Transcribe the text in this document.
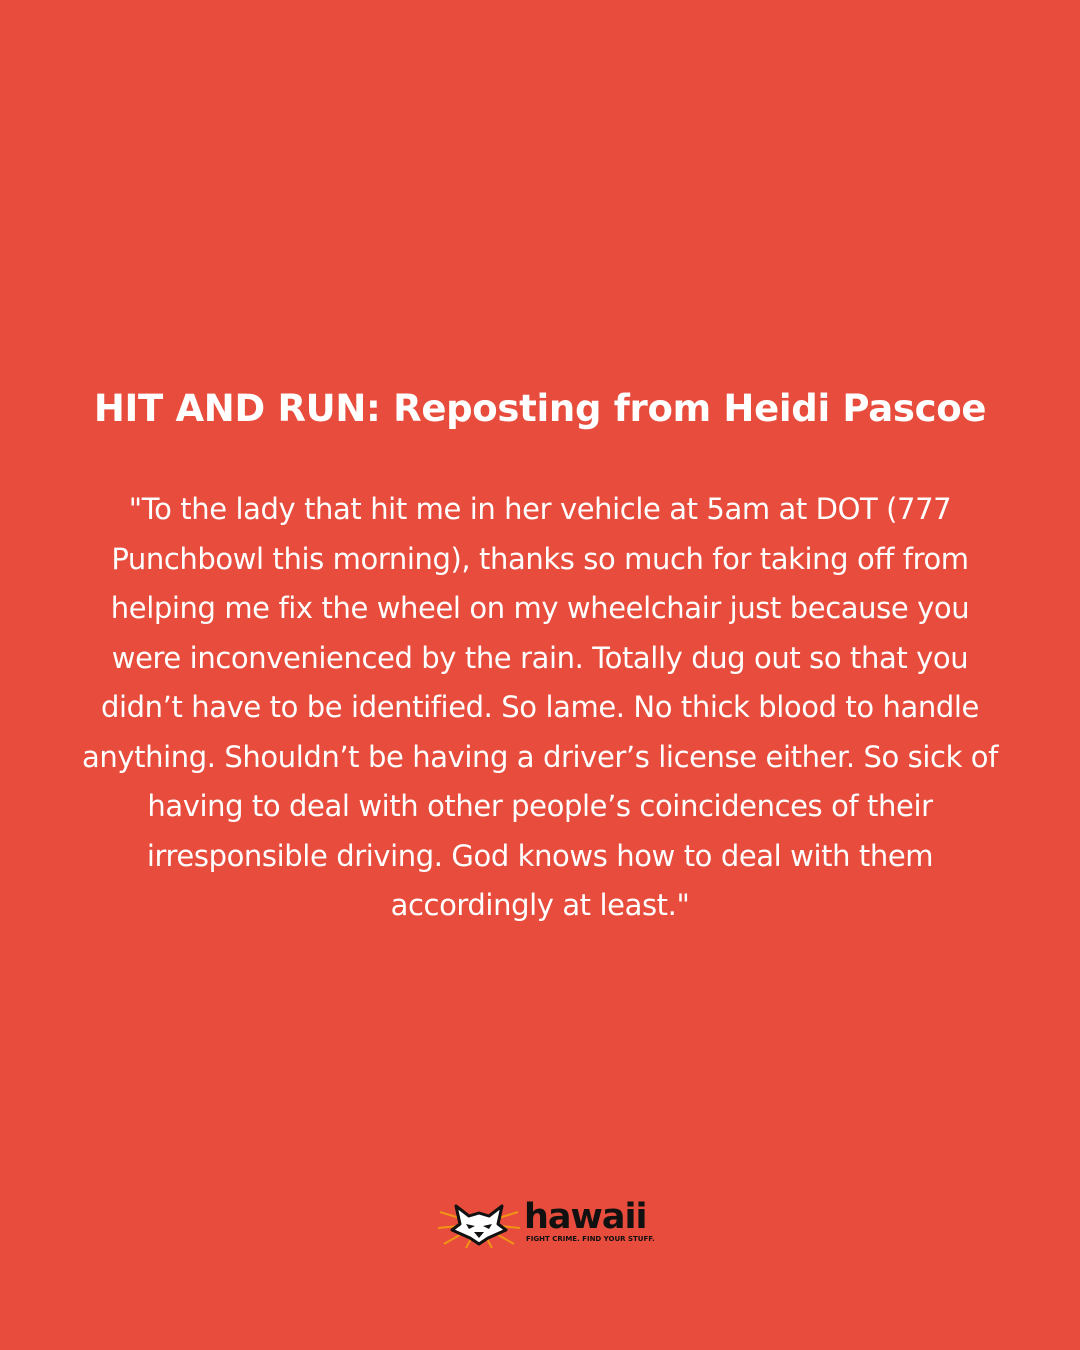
HIT AND RUN: Reposting from Heidi Pascoe

"To the lady that hit me in her vehicle at 5am at DOT (777 Punchbowl this morning), thanks so much for taking off from helping me fix the wheel on my wheelchair just because you were inconvenienced by the rain. Totally dug out so that you didn’t have to be identified. So lame. No thick blood to handle anything. Shouldn’t be having a driver’s license either. So sick of having to deal with other people’s coincidences of their irresponsible driving. God knows how to deal with them accordingly at least."

hawaii
FIGHT CRIME. FIND YOUR STUFF.
